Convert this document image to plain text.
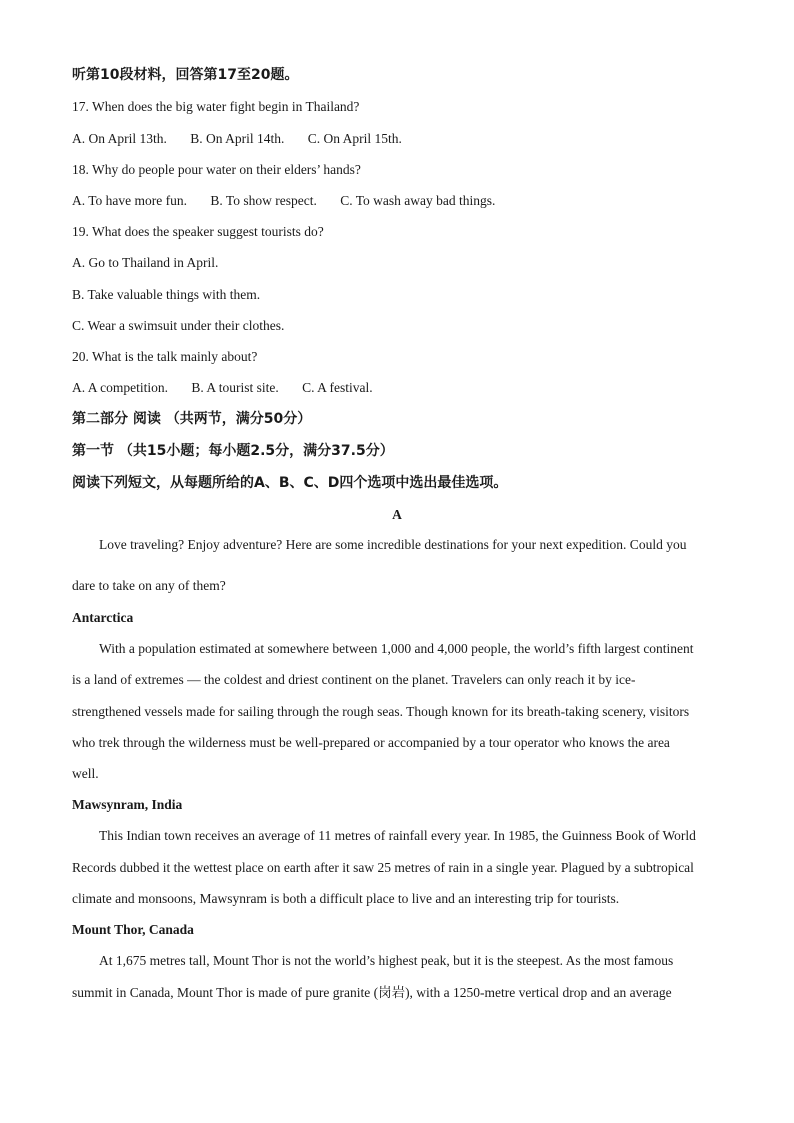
听第10段材料，回答第17至20题。
17. When does the big water fight begin in Thailand?
A. On April 13th. B. On April 14th. C. On April 15th.
18. Why do people pour water on their elders’ hands?
A. To have more fun. B. To show respect. C. To wash away bad things.
19. What does the speaker suggest tourists do?
A. Go to Thailand in April.
B. Take valuable things with them.
C. Wear a swimsuit under their clothes.
20. What is the talk mainly about?
A. A competition. B. A tourist site. C. A festival.
第二部分 阅读 （共两节，满分50分）
第一节 （共15小题；每小题2.5分，满分37.5分）
阅读下列短文，从每题所给的A、B、C、D四个选项中选出最佳选项。
A
Love traveling? Enjoy adventure? Here are some incredible destinations for your next expedition. Could you
dare to take on any of them?
Antarctica
With a population estimated at somewhere between 1,000 and 4,000 people, the world’s fifth largest continent
is a land of extremes — the coldest and driest continent on the planet. Travelers can only reach it by ice-
strengthened vessels made for sailing through the rough seas. Though known for its breath-taking scenery, visitors
who trek through the wilderness must be well-prepared or accompanied by a tour operator who knows the area
well.
Mawsynram, India
This Indian town receives an average of 11 metres of rainfall every year. In 1985, the Guinness Book of World
Records dubbed it the wettest place on earth after it saw 25 metres of rain in a single year. Plagued by a subtropical
climate and monsoons, Mawsynram is both a difficult place to live and an interesting trip for tourists.
Mount Thor, Canada
At 1,675 metres tall, Mount Thor is not the world’s highest peak, but it is the steepest. As the most famous
summit in Canada, Mount Thor is made of pure granite (岗岩), with a 1250-metre vertical drop and an average
